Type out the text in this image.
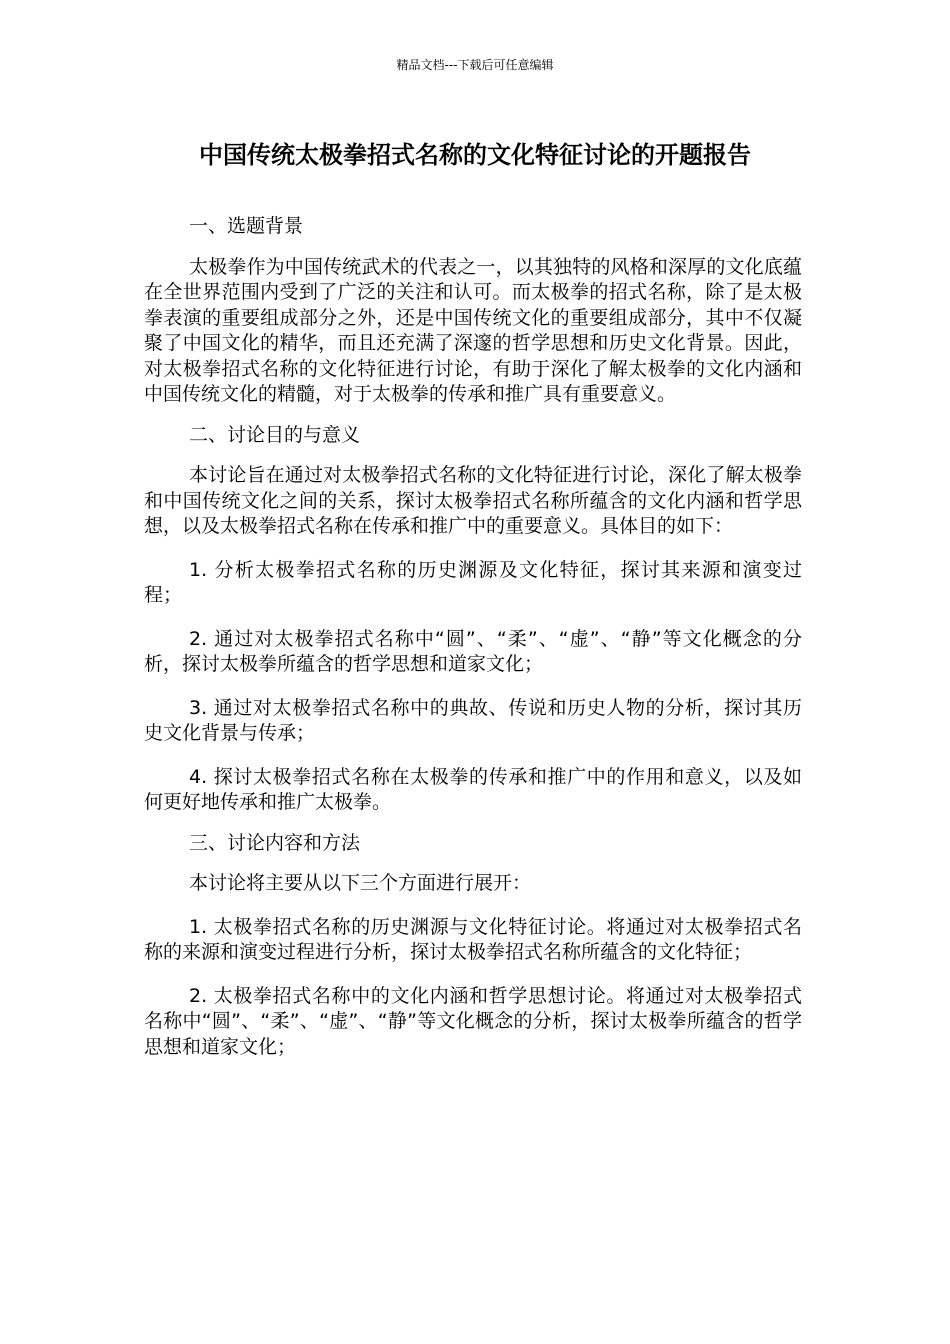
精品文档---下载后可任意编辑
中国传统太极拳招式名称的文化特征讨论的开题报告

一、选题背景

太极拳作为中国传统武术的代表之一，以其独特的风格和深厚的文化底蕴在全世界范围内受到了广泛的关注和认可。而太极拳的招式名称，除了是太极拳表演的重要组成部分之外，还是中国传统文化的重要组成部分，其中不仅凝聚了中国文化的精华，而且还充满了深邃的哲学思想和历史文化背景。因此，对太极拳招式名称的文化特征进行讨论，有助于深化了解太极拳的文化内涵和中国传统文化的精髓，对于太极拳的传承和推广具有重要意义。

二、讨论目的与意义

本讨论旨在通过对太极拳招式名称的文化特征进行讨论，深化了解太极拳和中国传统文化之间的关系，探讨太极拳招式名称所蕴含的文化内涵和哲学思想，以及太极拳招式名称在传承和推广中的重要意义。具体目的如下：

1. 分析太极拳招式名称的历史渊源及文化特征，探讨其来源和演变过程；

2. 通过对太极拳招式名称中“圆”、“柔”、“虚”、“静”等文化概念的分析，探讨太极拳所蕴含的哲学思想和道家文化；

3. 通过对太极拳招式名称中的典故、传说和历史人物的分析，探讨其历史文化背景与传承；

4. 探讨太极拳招式名称在太极拳的传承和推广中的作用和意义，以及如何更好地传承和推广太极拳。

三、讨论内容和方法

本讨论将主要从以下三个方面进行展开：

1. 太极拳招式名称的历史渊源与文化特征讨论。将通过对太极拳招式名称的来源和演变过程进行分析，探讨太极拳招式名称所蕴含的文化特征；

2. 太极拳招式名称中的文化内涵和哲学思想讨论。将通过对太极拳招式名称中“圆”、“柔”、“虚”、“静”等文化概念的分析，探讨太极拳所蕴含的哲学思想和道家文化；
